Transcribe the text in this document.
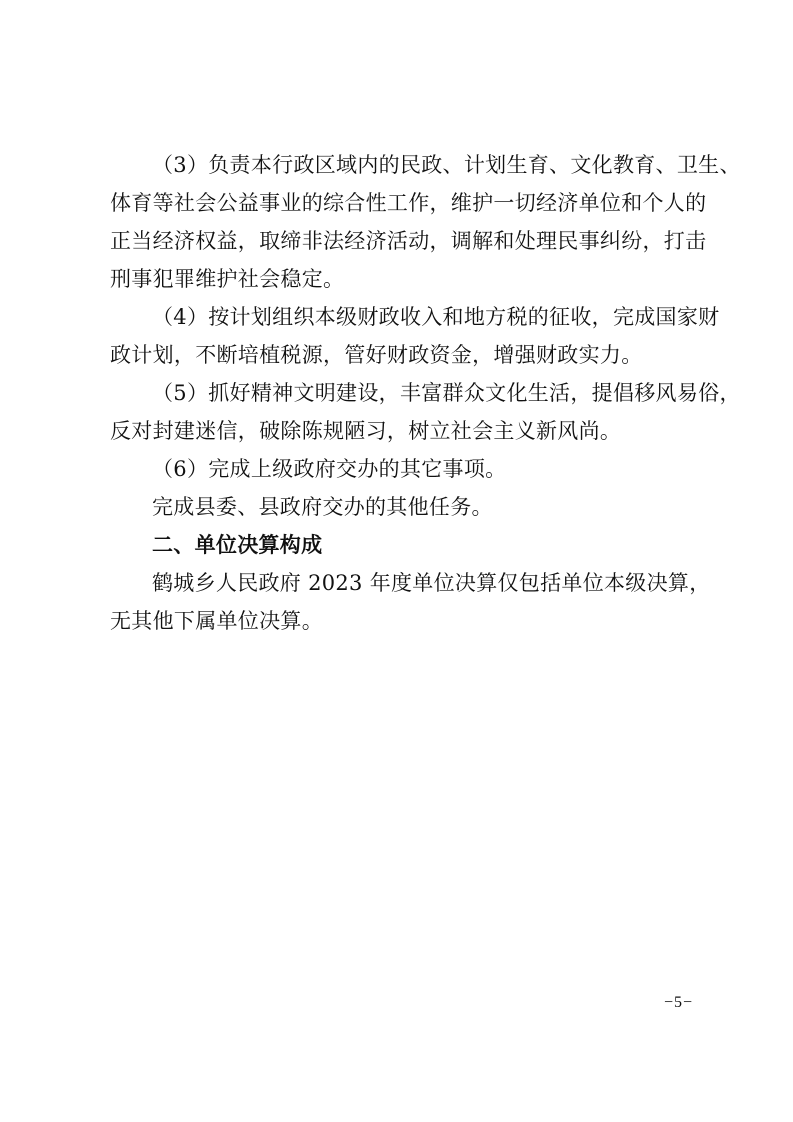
（3）负责本行政区域内的民政、计划生育、文化教育、卫生、
体育等社会公益事业的综合性工作，维护一切经济单位和个人的
正当经济权益，取缔非法经济活动，调解和处理民事纠纷，打击
刑事犯罪维护社会稳定。
（4）按计划组织本级财政收入和地方税的征收，完成国家财
政计划，不断培植税源，管好财政资金，增强财政实力。
（5）抓好精神文明建设，丰富群众文化生活，提倡移风易俗，
反对封建迷信，破除陈规陋习，树立社会主义新风尚。
（6）完成上级政府交办的其它事项。
完成县委、县政府交办的其他任务。
二、单位决算构成
鹤城乡人民政府 2023 年度单位决算仅包括单位本级决算，
无其他下属单位决算。
−5−
